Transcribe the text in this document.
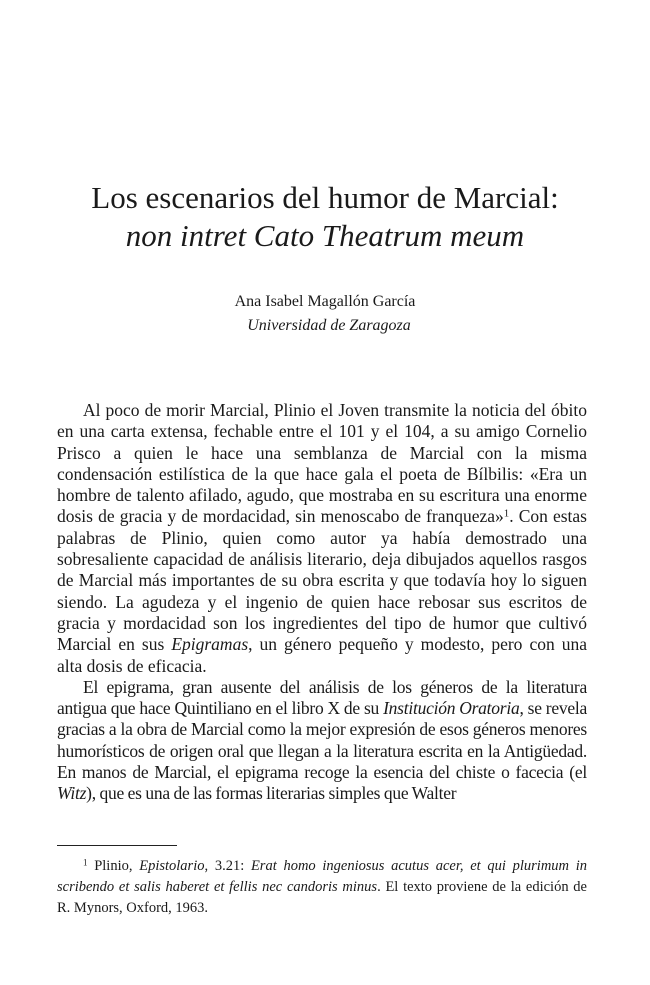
Los escenarios del humor de Marcial:
non intret Cato Theatrum meum

Ana Isabel Magallón García

Universidad de Zaragoza

Al poco de morir Marcial, Plinio el Joven transmite la noticia del óbito en una carta extensa, fechable entre el 101 y el 104, a su amigo Cornelio Prisco a quien le hace una semblanza de Marcial con la misma condensación estilística de la que hace gala el poeta de Bílbilis: «Era un hombre de talento afilado, agudo, que mostraba en su escritura una enorme dosis de gracia y de mordacidad, sin menoscabo de franqueza»$^1$. Con estas palabras de Plinio, quien como autor ya había demostrado una sobresaliente capacidad de análisis literario, deja dibujados aquellos rasgos de Marcial más importantes de su obra escrita y que todavía hoy lo siguen siendo. La agudeza y el ingenio de quien hace rebosar sus escritos de gracia y mordacidad son los ingredientes del tipo de humor que cultivó Marcial en sus Epigramas, un género pequeño y modesto, pero con una alta dosis de eficacia.

El epigrama, gran ausente del análisis de los géneros de la literatura antigua que hace Quintiliano en el libro X de su Institución Oratoria, se revela gracias a la obra de Marcial como la mejor expresión de esos géneros menores humorísticos de origen oral que llegan a la literatura escrita en la Antigüedad. En manos de Marcial, el epigrama recoge la esencia del chiste o facecia (el Witz), que es una de las formas literarias simples que Walter

$^1$ Plinio, Epistolario, 3.21: Erat homo ingeniosus acutus acer, et qui plurimum in scribendo et salis haberet et fellis nec candoris minus. El texto proviene de la edición de R. Mynors, Oxford, 1963.
